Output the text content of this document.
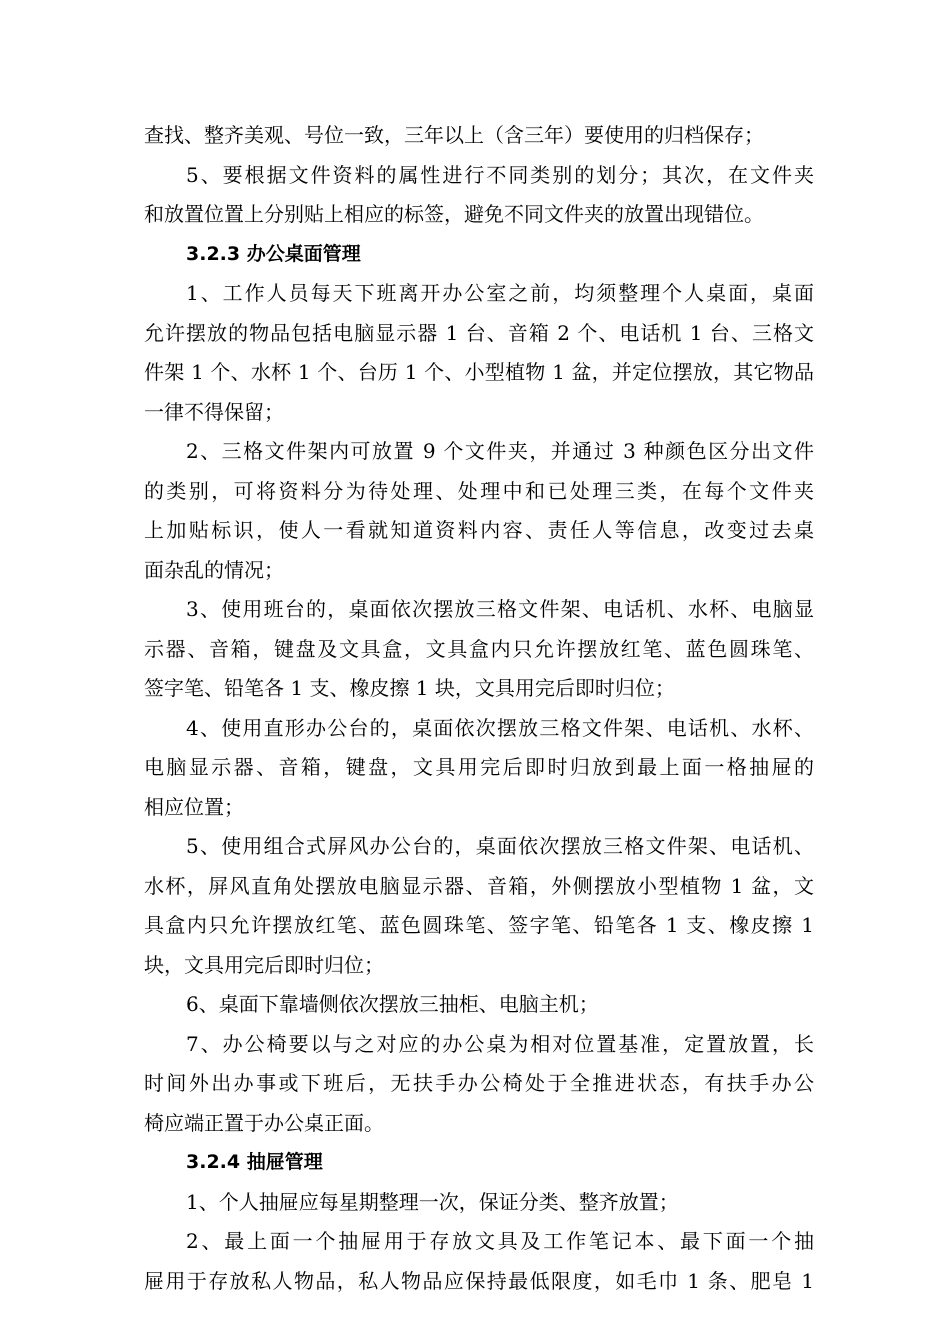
查找、整齐美观、号位一致，三年以上（含三年）要使用的归档保存；
5、要根据文件资料的属性进行不同类别的划分；其次，在文件夹
和放置位置上分别贴上相应的标签，避免不同文件夹的放置出现错位。
3.2.3 办公桌面管理
1、工作人员每天下班离开办公室之前，均须整理个人桌面，桌面
允许摆放的物品包括电脑显示器 1 台、音箱 2 个、电话机 1 台、三格文
件架 1 个、水杯 1 个、台历 1 个、小型植物 1 盆，并定位摆放，其它物品
一律不得保留；
2、三格文件架内可放置 9 个文件夹，并通过 3 种颜色区分出文件
的类别，可将资料分为待处理、处理中和已处理三类，在每个文件夹
上加贴标识，使人一看就知道资料内容、责任人等信息，改变过去桌
面杂乱的情况；
3、使用班台的，桌面依次摆放三格文件架、电话机、水杯、电脑显
示器、音箱，键盘及文具盒，文具盒内只允许摆放红笔、蓝色圆珠笔、
签字笔、铅笔各 1 支、橡皮擦 1 块，文具用完后即时归位；
4、使用直形办公台的，桌面依次摆放三格文件架、电话机、水杯、
电脑显示器、音箱，键盘，文具用完后即时归放到最上面一格抽屉的
相应位置；
5、使用组合式屏风办公台的，桌面依次摆放三格文件架、电话机、
水杯，屏风直角处摆放电脑显示器、音箱，外侧摆放小型植物 1 盆，文
具盒内只允许摆放红笔、蓝色圆珠笔、签字笔、铅笔各 1 支、橡皮擦 1
块，文具用完后即时归位；
6、桌面下靠墙侧依次摆放三抽柜、电脑主机；
7、办公椅要以与之对应的办公桌为相对位置基准，定置放置，长
时间外出办事或下班后，无扶手办公椅处于全推进状态，有扶手办公
椅应端正置于办公桌正面。
3.2.4 抽屉管理
1、个人抽屉应每星期整理一次，保证分类、整齐放置；
2、最上面一个抽屉用于存放文具及工作笔记本、最下面一个抽
屉用于存放私人物品，私人物品应保持最低限度，如毛巾 1 条、肥皂 1
